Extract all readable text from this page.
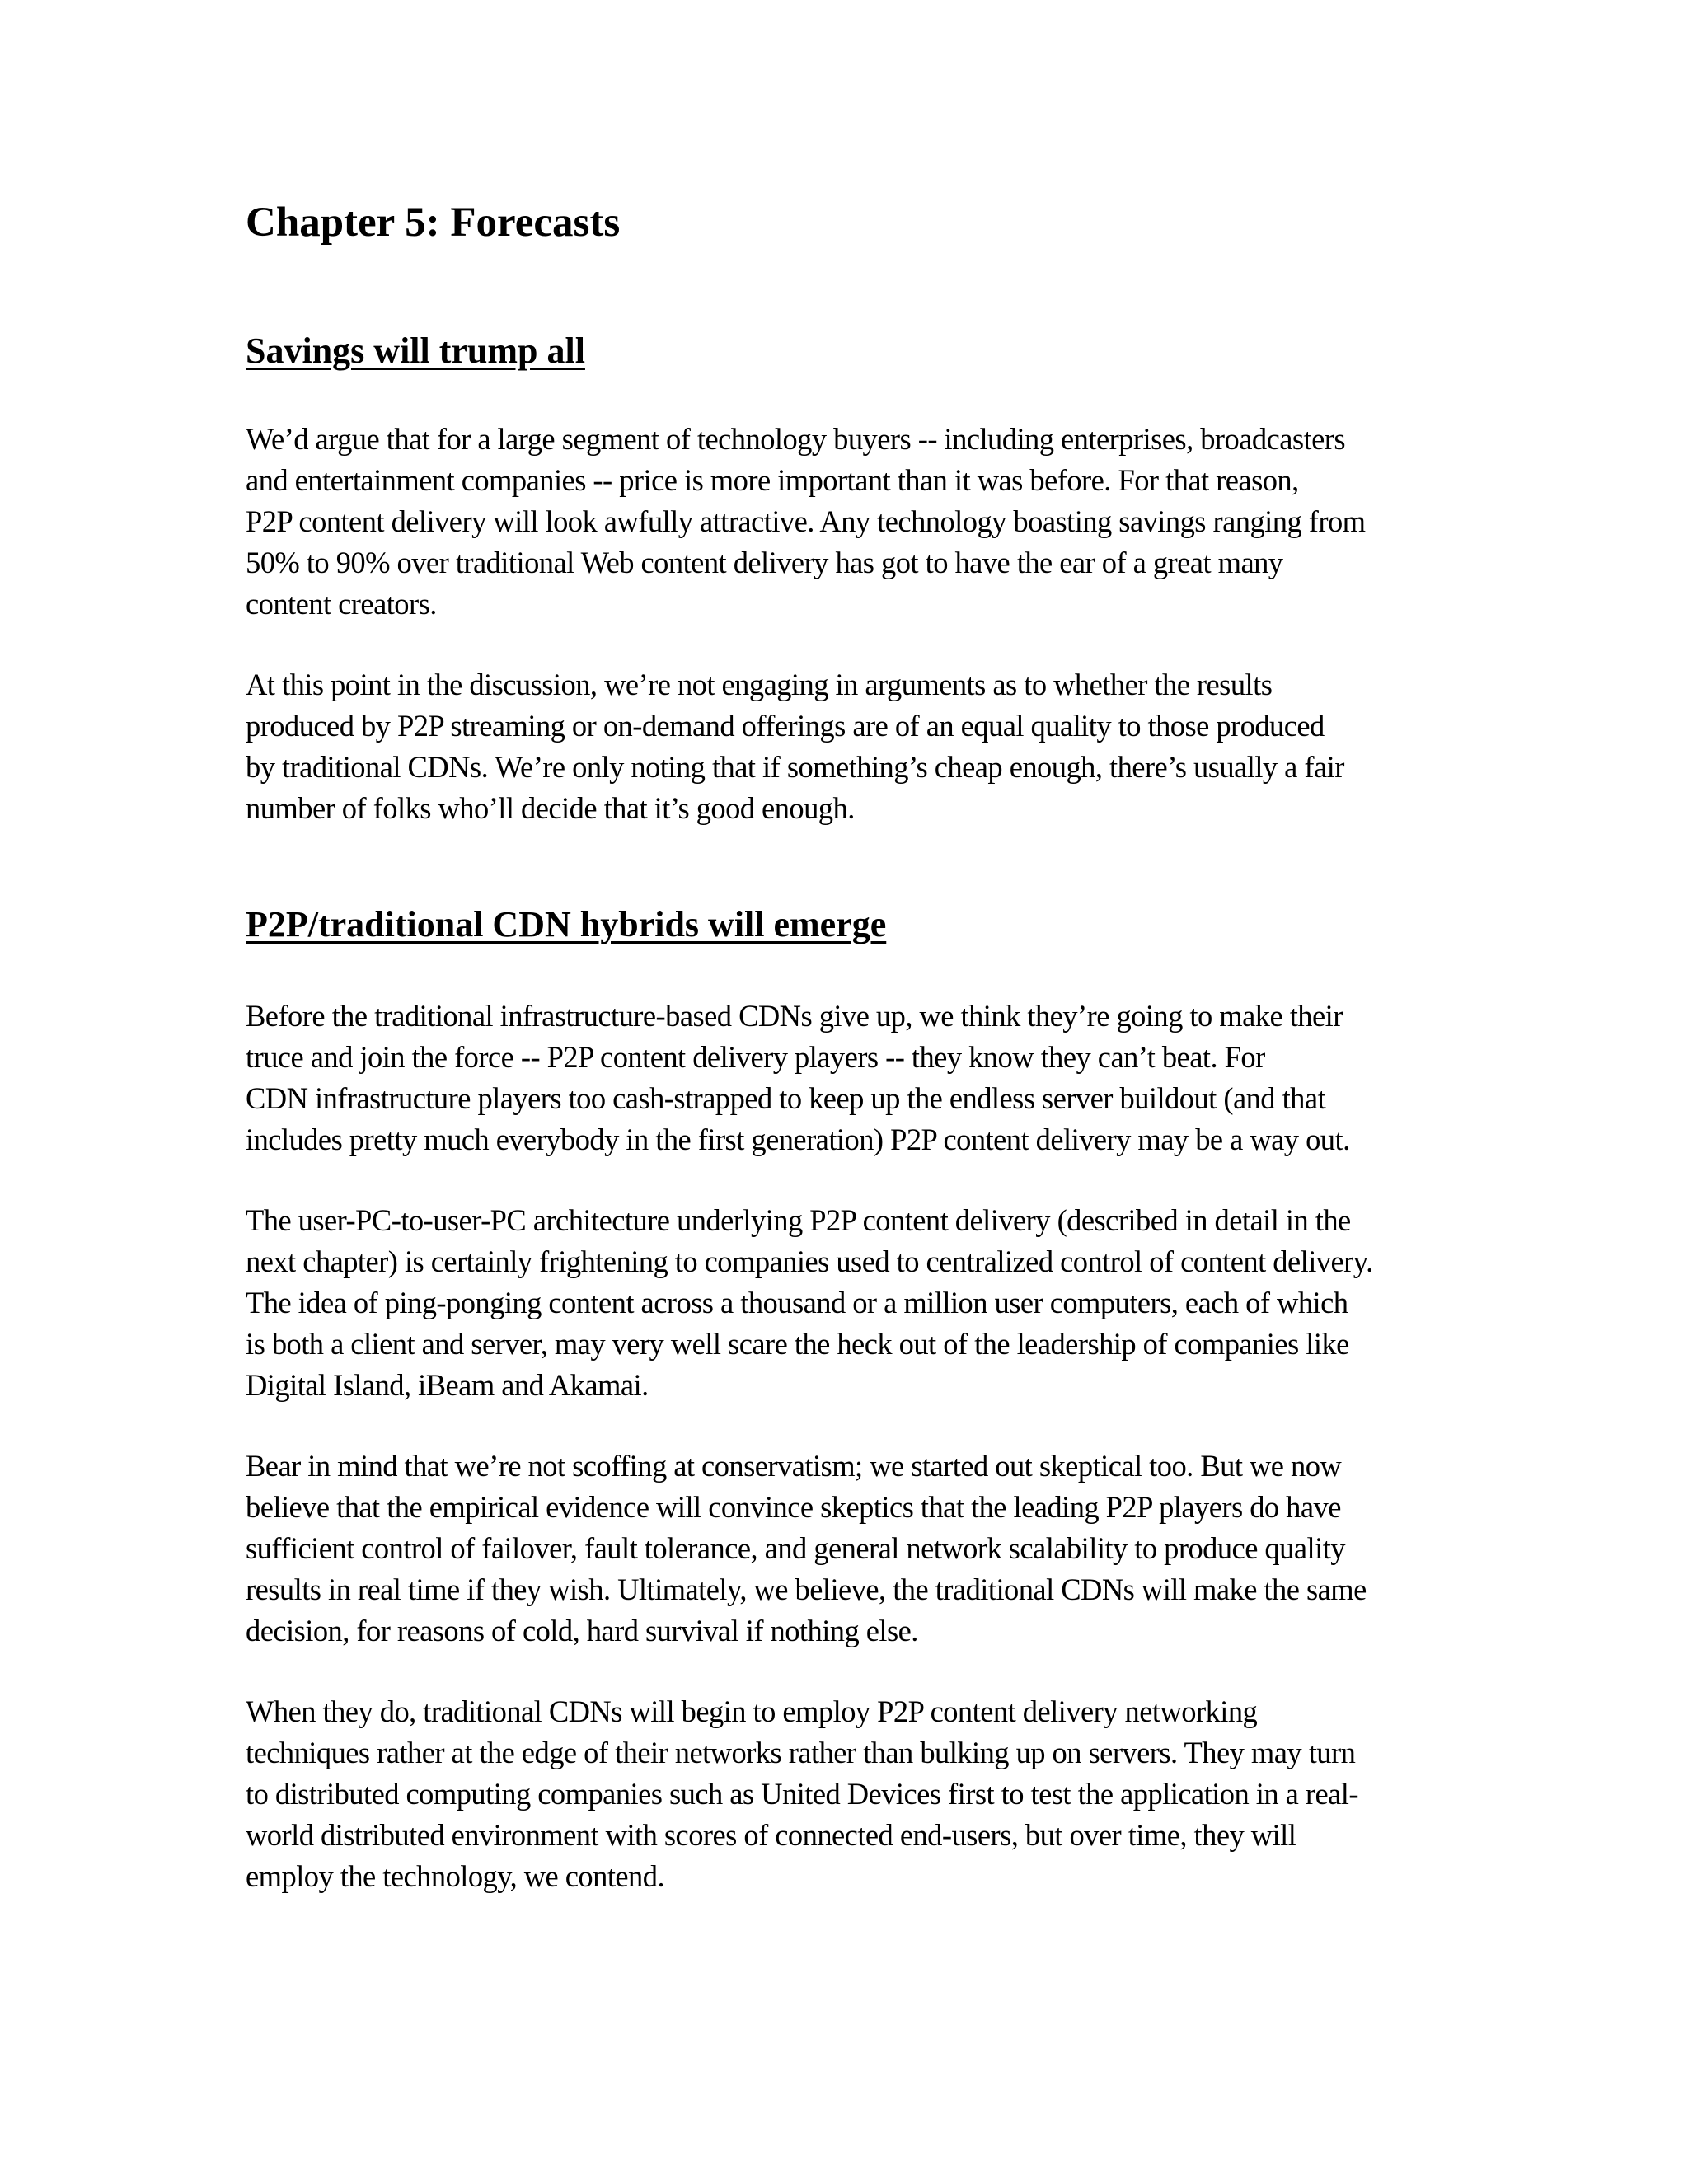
Chapter 5: Forecasts
Savings will trump all

We’d argue that for a large segment of technology buyers -- including enterprises, broadcasters
and entertainment companies -- price is more important than it was before. For that reason,
P2P content delivery will look awfully attractive. Any technology boasting savings ranging from
50% to 90% over traditional Web content delivery has got to have the ear of a great many
content creators.

At this point in the discussion, we’re not engaging in arguments as to whether the results
produced by P2P streaming or on-demand offerings are of an equal quality to those produced
by traditional CDNs. We’re only noting that if something’s cheap enough, there’s usually a fair
number of folks who’ll decide that it’s good enough.

P2P/traditional CDN hybrids will emerge

Before the traditional infrastructure-based CDNs give up, we think they’re going to make their
truce and join the force -- P2P content delivery players -- they know they can’t beat. For
CDN infrastructure players too cash-strapped to keep up the endless server buildout (and that
includes pretty much everybody in the first generation) P2P content delivery may be a way out.

The user-PC-to-user-PC architecture underlying P2P content delivery (described in detail in the
next chapter) is certainly frightening to companies used to centralized control of content delivery.
The idea of ping-ponging content across a thousand or a million user computers, each of which
is both a client and server, may very well scare the heck out of the leadership of companies like
Digital Island, iBeam and Akamai.

Bear in mind that we’re not scoffing at conservatism; we started out skeptical too. But we now
believe that the empirical evidence will convince skeptics that the leading P2P players do have
sufficient control of failover, fault tolerance, and general network scalability to produce quality
results in real time if they wish. Ultimately, we believe, the traditional CDNs will make the same
decision, for reasons of cold, hard survival if nothing else.

When they do, traditional CDNs will begin to employ P2P content delivery networking
techniques rather at the edge of their networks rather than bulking up on servers. They may turn
to distributed computing companies such as United Devices first to test the application in a real-
world distributed environment with scores of connected end-users, but over time, they will
employ the technology, we contend.
